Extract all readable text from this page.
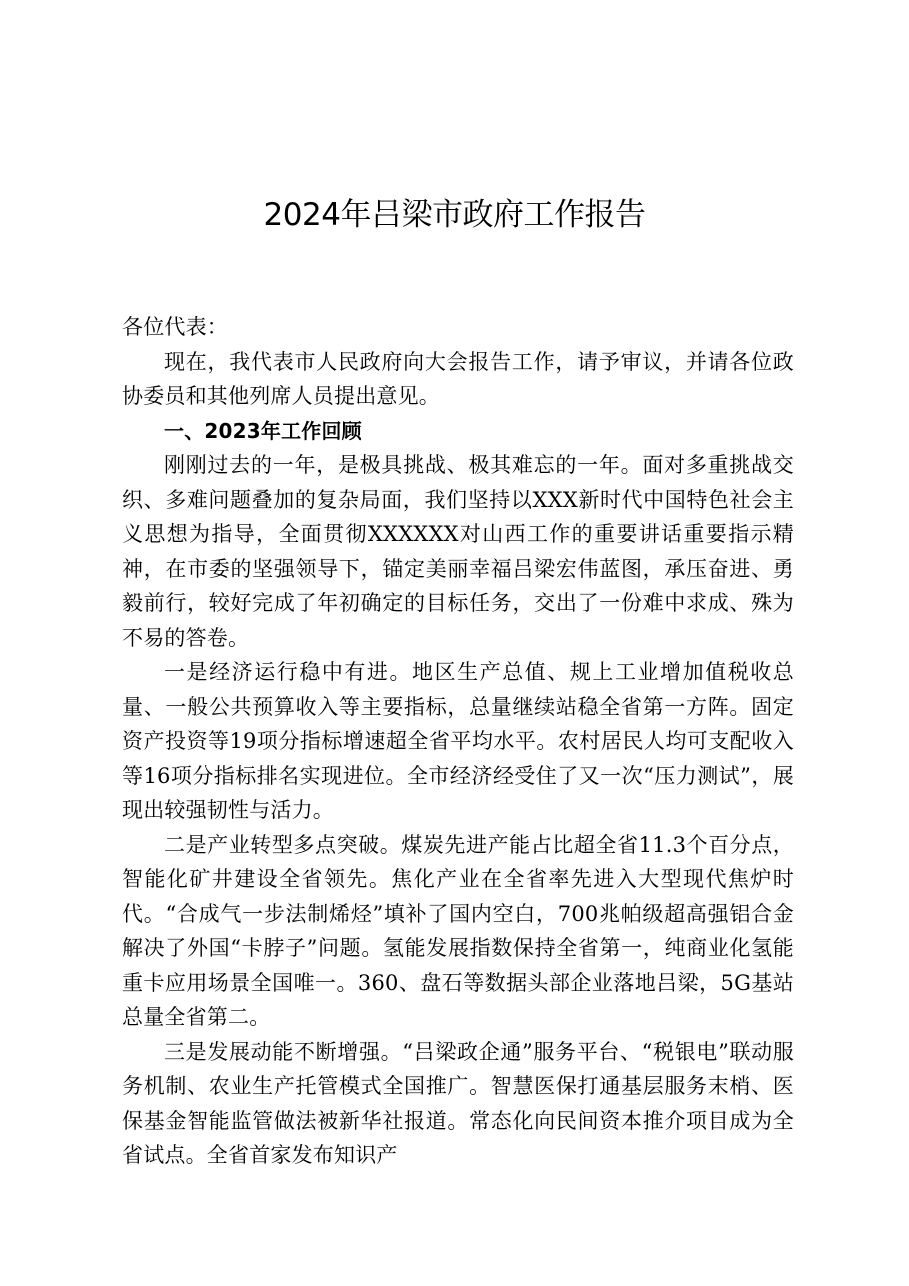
2024年吕梁市政府工作报告

各位代表：

现在，我代表市人民政府向大会报告工作，请予审议，并请各位政协委员和其他列席人员提出意见。

一、2023年工作回顾

刚刚过去的一年，是极具挑战、极其难忘的一年。面对多重挑战交织、多难问题叠加的复杂局面，我们坚持以XXX新时代中国特色社会主义思想为指导，全面贯彻XXXXXX对山西工作的重要讲话重要指示精神，在市委的坚强领导下，锚定美丽幸福吕梁宏伟蓝图，承压奋进、勇毅前行，较好完成了年初确定的目标任务，交出了一份难中求成、殊为不易的答卷。

一是经济运行稳中有进。地区生产总值、规上工业增加值税收总量、一般公共预算收入等主要指标，总量继续站稳全省第一方阵。固定资产投资等19项分指标增速超全省平均水平。农村居民人均可支配收入等16项分指标排名实现进位。全市经济经受住了又一次“压力测试”，展现出较强韧性与活力。

二是产业转型多点突破。煤炭先进产能占比超全省11.3个百分点，智能化矿井建设全省领先。焦化产业在全省率先进入大型现代焦炉时代。“合成气一步法制烯烃”填补了国内空白，700兆帕级超高强铝合金解决了外国“卡脖子”问题。氢能发展指数保持全省第一，纯商业化氢能重卡应用场景全国唯一。360、盘石等数据头部企业落地吕梁，5G基站总量全省第二。

三是发展动能不断增强。“吕梁政企通”服务平台、“税银电”联动服务机制、农业生产托管模式全国推广。智慧医保打通基层服务末梢、医保基金智能监管做法被新华社报道。常态化向民间资本推介项目成为全省试点。全省首家发布知识产
